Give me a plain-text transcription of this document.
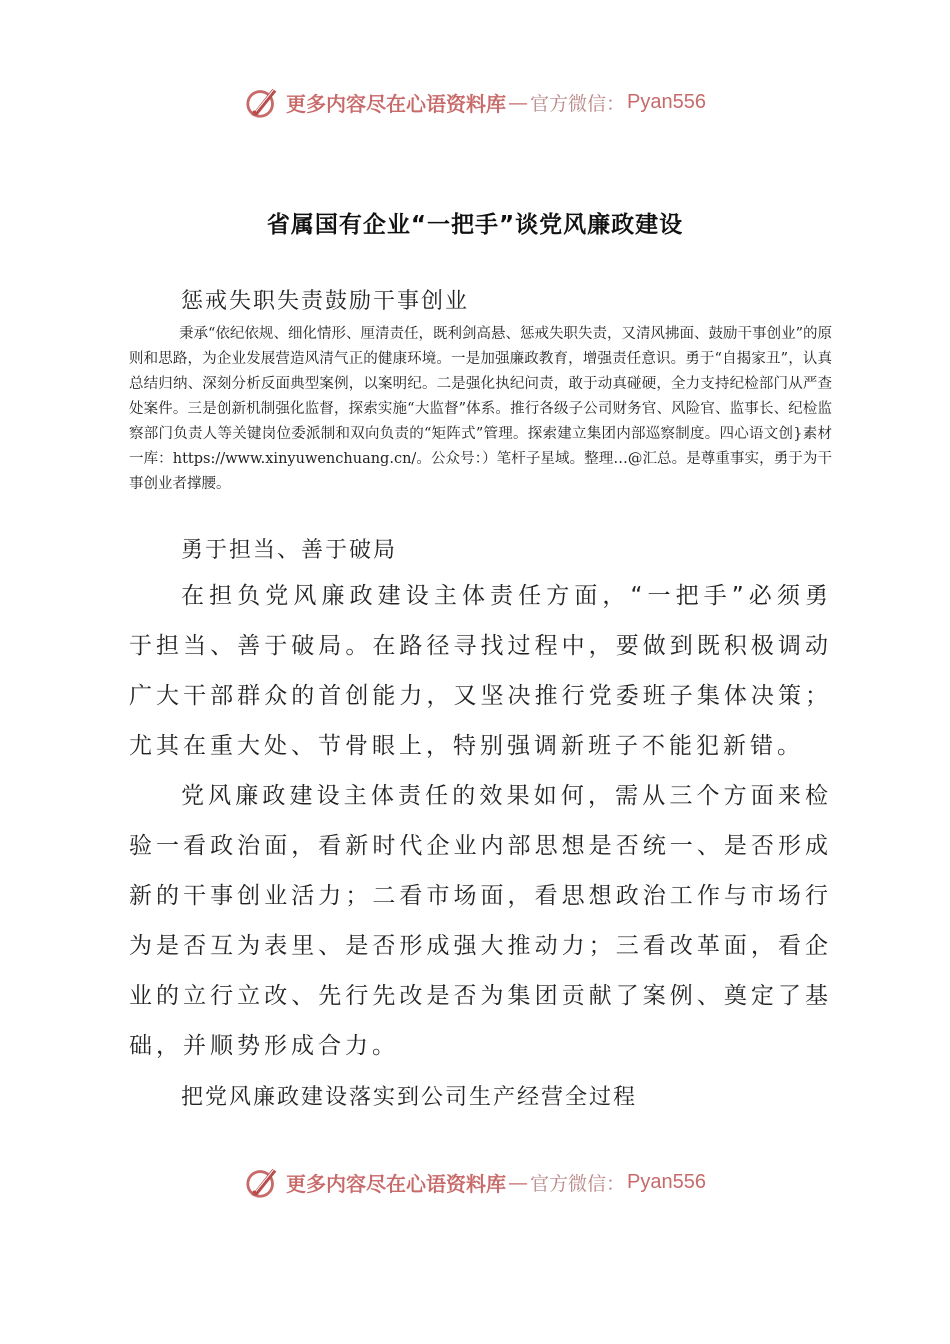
更多内容尽在心语资料库 — 官方微信： Pyan556
省属国有企业“一把手”谈党风廉政建设
惩戒失职失责鼓励干事创业
秉承“依纪依规、细化情形、厘清责任，既利剑高悬、惩戒失职失责，又清风拂面、鼓励干事创业”的原则和思路，为企业发展营造风清气正的健康环境。一是加强廉政教育，增强责任意识。勇于“自揭家丑”，认真总结归纳、深刻分析反面典型案例，以案明纪。二是强化执纪问责，敢于动真碰硬，全力支持纪检部门从严查处案件。三是创新机制强化监督，探索实施“大监督”体系。推行各级子公司财务官、风险官、监事长、纪检监察部门负责人等关键岗位委派制和双向负责的“矩阵式”管理。探索建立集团内部巡察制度。四心语文创}素材一库：https://www.xinyuwenchuang.cn/。公众号：）笔杆子星域。整理…@汇总。是尊重事实，勇于为干事创业者撑腰。
勇于担当、善于破局
在担负党风廉政建设主体责任方面，“一把手”必须勇于担当、善于破局。在路径寻找过程中，要做到既积极调动广大干部群众的首创能力，又坚决推行党委班子集体决策；尤其在重大处、节骨眼上，特别强调新班子不能犯新错。
党风廉政建设主体责任的效果如何，需从三个方面来检验一看政治面，看新时代企业内部思想是否统一、是否形成新的干事创业活力；二看市场面，看思想政治工作与市场行为是否互为表里、是否形成强大推动力；三看改革面，看企业的立行立改、先行先改是否为集团贡献了案例、奠定了基础，并顺势形成合力。
把党风廉政建设落实到公司生产经营全过程
更多内容尽在心语资料库 — 官方微信： Pyan556
